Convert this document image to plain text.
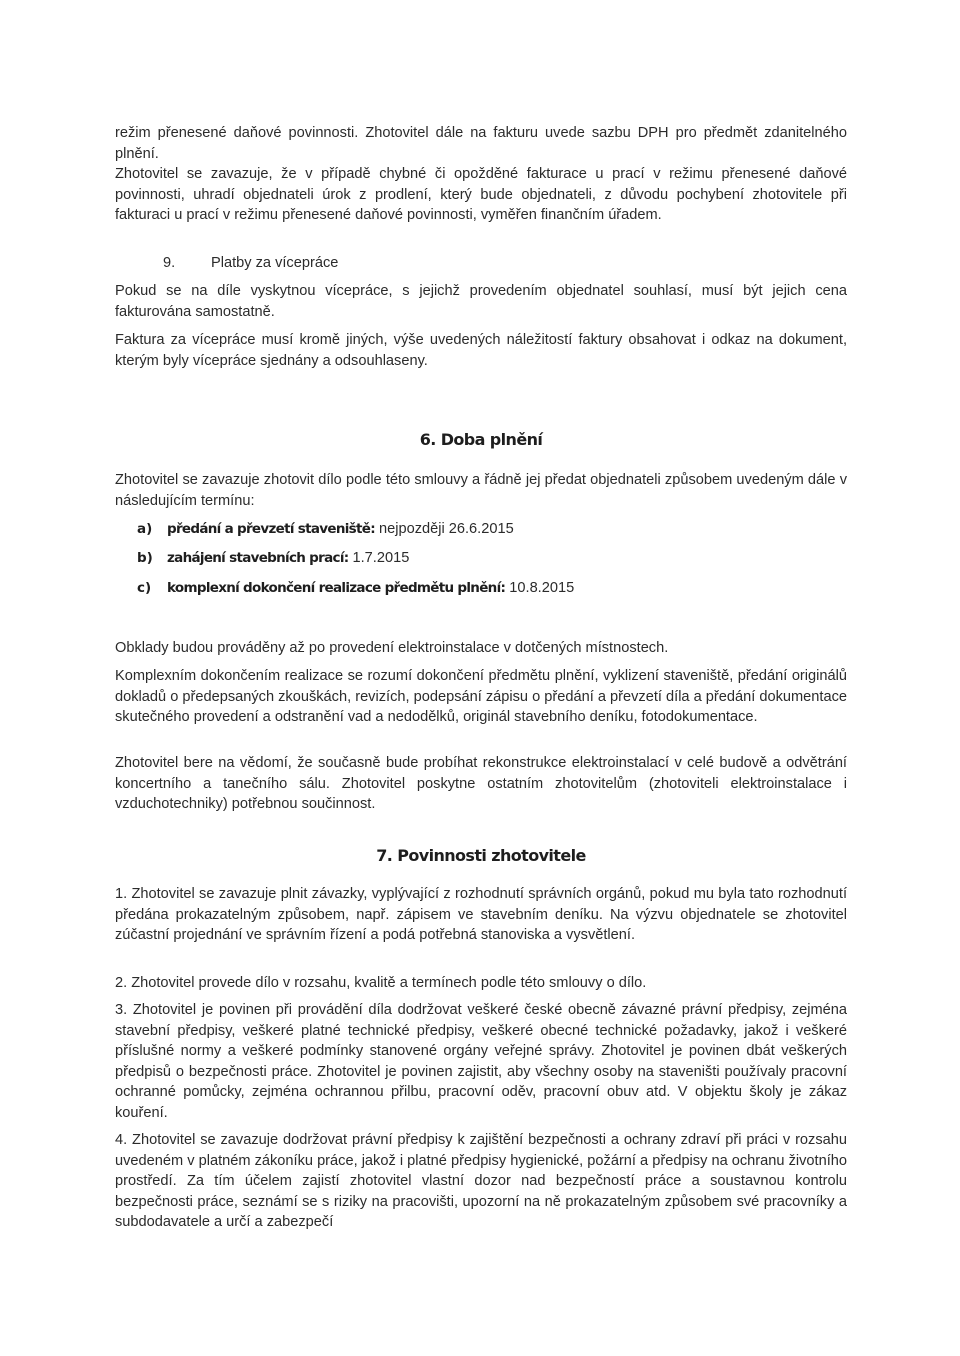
režim přenesené daňové povinnosti. Zhotovitel dále na fakturu uvede sazbu DPH pro předmět zdanitelného plnění.

Zhotovitel se zavazuje, že v případě chybné či opožděné fakturace u prací v režimu přenesené daňové povinnosti, uhradí objednateli úrok z prodlení, který bude objednateli, z důvodu pochybení zhotovitele při fakturaci u prací v režimu přenesené daňové povinnosti, vyměřen finančním úřadem.

9. Platby za vícepráce

Pokud se na díle vyskytnou vícepráce, s jejichž provedením objednatel souhlasí, musí být jejich cena fakturována samostatně.

Faktura za vícepráce musí kromě jiných, výše uvedených náležitostí faktury obsahovat i odkaz na dokument, kterým byly vícepráce sjednány a odsouhlaseny.

6. Doba plnění

Zhotovitel se zavazuje zhotovit dílo podle této smlouvy a řádně jej předat objednateli způsobem uvedeným dále v následujícím termínu:

a) předání a převzetí staveniště: nejpozději 26.6.2015

b) zahájení stavebních prací: 1.7.2015

c) komplexní dokončení realizace předmětu plnění: 10.8.2015

Obklady budou prováděny až po provedení elektroinstalace v dotčených místnostech.

Komplexním dokončením realizace se rozumí dokončení předmětu plnění, vyklizení staveniště, předání originálů dokladů o předepsaných zkouškách, revizích, podepsání zápisu o předání a převzetí díla a předání dokumentace skutečného provedení a odstranění vad a nedodělků, originál stavebního deníku, fotodokumentace.

Zhotovitel bere na vědomí, že současně bude probíhat rekonstrukce elektroinstalací v celé budově a odvětrání koncertního a tanečního sálu. Zhotovitel poskytne ostatním zhotovitelům (zhotoviteli elektroinstalace i vzduchotechniky) potřebnou součinnost.

7. Povinnosti zhotovitele

1. Zhotovitel se zavazuje plnit závazky, vyplývající z rozhodnutí správních orgánů, pokud mu byla tato rozhodnutí předána prokazatelným způsobem, např. zápisem ve stavebním deníku. Na výzvu objednatele se zhotovitel zúčastní projednání ve správním řízení a podá potřebná stanoviska a vysvětlení.

2. Zhotovitel provede dílo v rozsahu, kvalitě a termínech podle této smlouvy o dílo.

3. Zhotovitel je povinen při provádění díla dodržovat veškeré české obecně závazné právní předpisy, zejména stavební předpisy, veškeré platné technické předpisy, veškeré obecné technické požadavky, jakož i veškeré příslušné normy a veškeré podmínky stanovené orgány veřejné správy. Zhotovitel je povinen dbát veškerých předpisů o bezpečnosti práce. Zhotovitel je povinen zajistit, aby všechny osoby na staveništi používaly pracovní ochranné pomůcky, zejména ochrannou přilbu, pracovní oděv, pracovní obuv atd. V objektu školy je zákaz kouření.

4. Zhotovitel se zavazuje dodržovat právní předpisy k zajištění bezpečnosti a ochrany zdraví při práci v rozsahu uvedeném v platném zákoníku práce, jakož i platné předpisy hygienické, požární a předpisy na ochranu životního prostředí. Za tím účelem zajistí zhotovitel vlastní dozor nad bezpečností práce a soustavnou kontrolu bezpečnosti práce, seznámí se s riziky na pracovišti, upozorní na ně prokazatelným způsobem své pracovníky a subdodavatele a určí a zabezpečí
